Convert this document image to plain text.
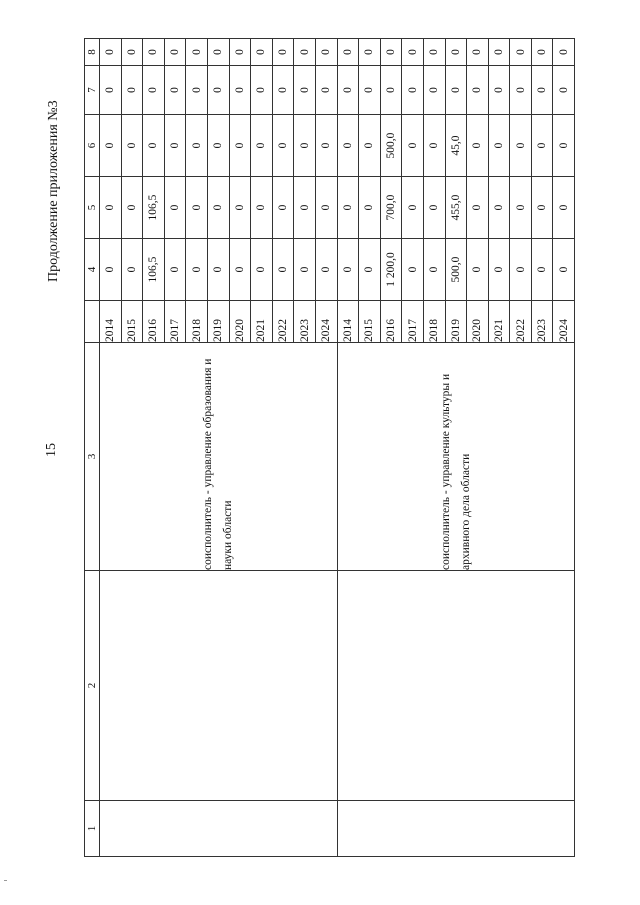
15
Продолжение приложения №3
1	2	3		4	5	6	7	8
		соисполнитель - управление образования и науки области	2014	0	0	0	0	0
			2015	0	0	0	0	0
			2016	106,5	106,5	0	0	0
			2017	0	0	0	0	0
			2018	0	0	0	0	0
			2019	0	0	0	0	0
			2020	0	0	0	0	0
			2021	0	0	0	0	0
			2022	0	0	0	0	0
			2023	0	0	0	0	0
			2024	0	0	0	0	0
		соисполнитель - управление культуры и архивного дела области	2014	0	0	0	0	0
			2015	0	0	0	0	0
			2016	1 200,0	700,0	500,0	0	0
			2017	0	0	0	0	0
			2018	0	0	0	0	0
			2019	500,0	455,0	45,0	0	0
			2020	0	0	0	0	0
			2021	0	0	0	0	0
			2022	0	0	0	0	0
			2023	0	0	0	0	0
			2024	0	0	0	0	0
